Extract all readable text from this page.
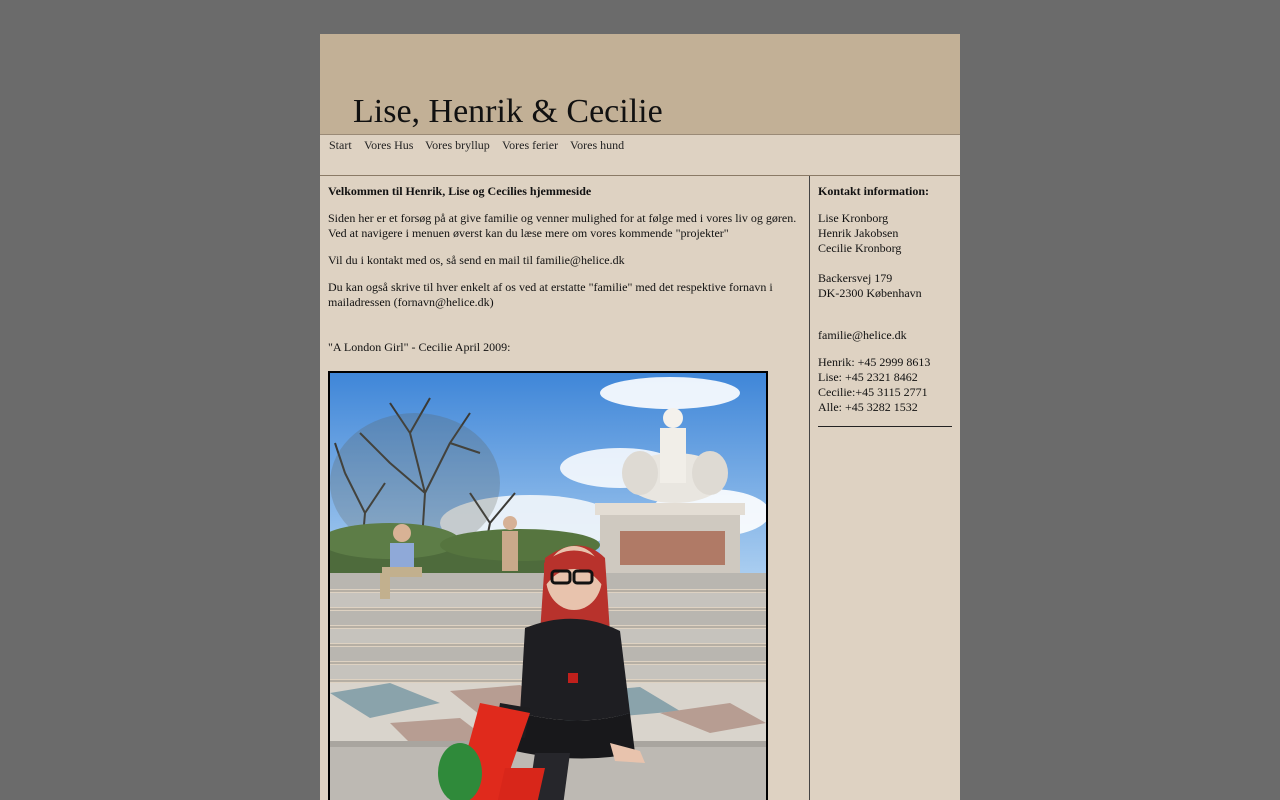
Lise, Henrik & Cecilie
Start Vores Hus Vores bryllup Vores ferier Vores hund
Velkommen til Henrik, Lise og Cecilies hjemmeside
Siden her er et forsøg på at give familie og venner mulighed for at følge med i vores liv og gøren.
Ved at navigere i menuen øverst kan du læse mere om vores kommende "projekter"
Vil du i kontakt med os, så send en mail til familie@helice.dk
Du kan også skrive til hver enkelt af os ved at erstatte "familie" med det respektive fornavn i
mailadressen (fornavn@helice.dk)
"A London Girl" - Cecilie April 2009:
Kontakt information:
Lise Kronborg
Henrik Jakobsen
Cecilie Kronborg
Backersvej 179
DK-2300 København
familie@helice.dk
Henrik: +45 2999 8613
Lise: +45 2321 8462
Cecilie:+45 3115 2771
Alle: +45 3282 1532
